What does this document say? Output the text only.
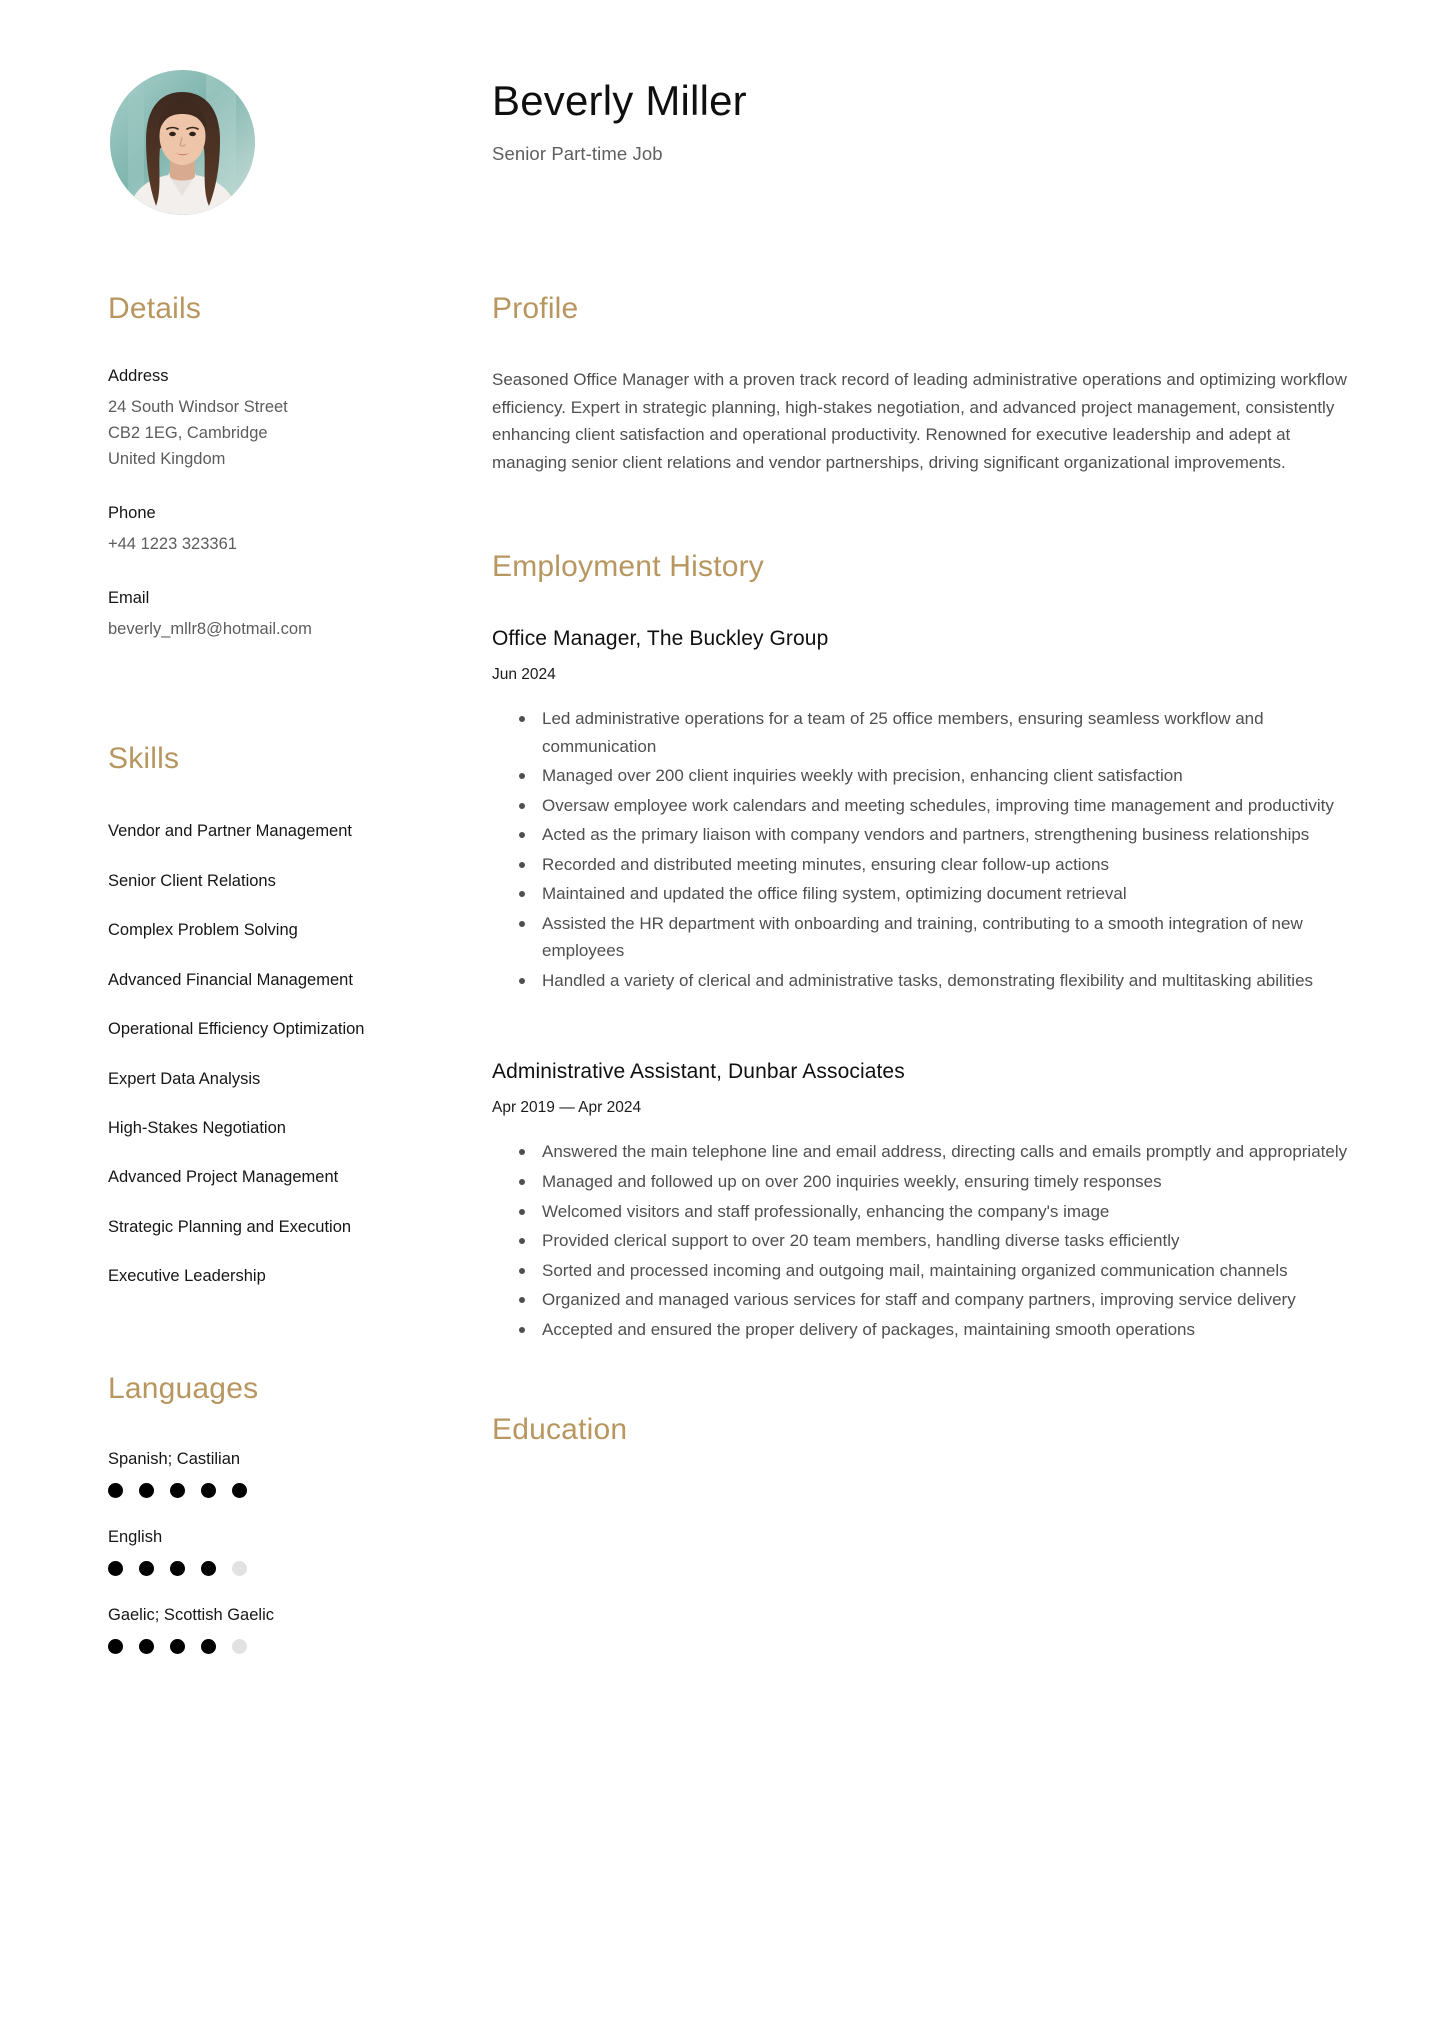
Beverly Miller

Senior Part-time Job

Details

Address

24 South Windsor Street

CB2 1EG, Cambridge

United Kingdom

Phone

+44 1223 323361

Email

beverly_mllr8@hotmail.com

Skills
Vendor and Partner Management
Senior Client Relations
Complex Problem Solving
Advanced Financial Management
Operational Efficiency Optimization
Expert Data Analysis
High-Stakes Negotiation
Advanced Project Management
Strategic Planning and Execution
Executive Leadership
Languages

Spanish; Castilian

English

Gaelic; Scottish Gaelic

Profile

Seasoned Office Manager with a proven track record of leading administrative operations and optimizing workflow efficiency. Expert in strategic planning, high-stakes negotiation, and advanced project management, consistently enhancing client satisfaction and operational productivity. Renowned for executive leadership and adept at managing senior client relations and vendor partnerships, driving significant organizational improvements.

Employment History
Office Manager, The Buckley Group

Jun 2024

Led administrative operations for a team of 25 office members, ensuring seamless workflow and communication
Managed over 200 client inquiries weekly with precision, enhancing client satisfaction
Oversaw employee work calendars and meeting schedules, improving time management and productivity
Acted as the primary liaison with company vendors and partners, strengthening business relationships
Recorded and distributed meeting minutes, ensuring clear follow-up actions
Maintained and updated the office filing system, optimizing document retrieval
Assisted the HR department with onboarding and training, contributing to a smooth integration of new employees
Handled a variety of clerical and administrative tasks, demonstrating flexibility and multitasking abilities
Administrative Assistant, Dunbar Associates

Apr 2019 — Apr 2024

Answered the main telephone line and email address, directing calls and emails promptly and appropriately
Managed and followed up on over 200 inquiries weekly, ensuring timely responses
Welcomed visitors and staff professionally, enhancing the company's image
Provided clerical support to over 20 team members, handling diverse tasks efficiently
Sorted and processed incoming and outgoing mail, maintaining organized communication channels
Organized and managed various services for staff and company partners, improving service delivery
Accepted and ensured the proper delivery of packages, maintaining smooth operations
Education
